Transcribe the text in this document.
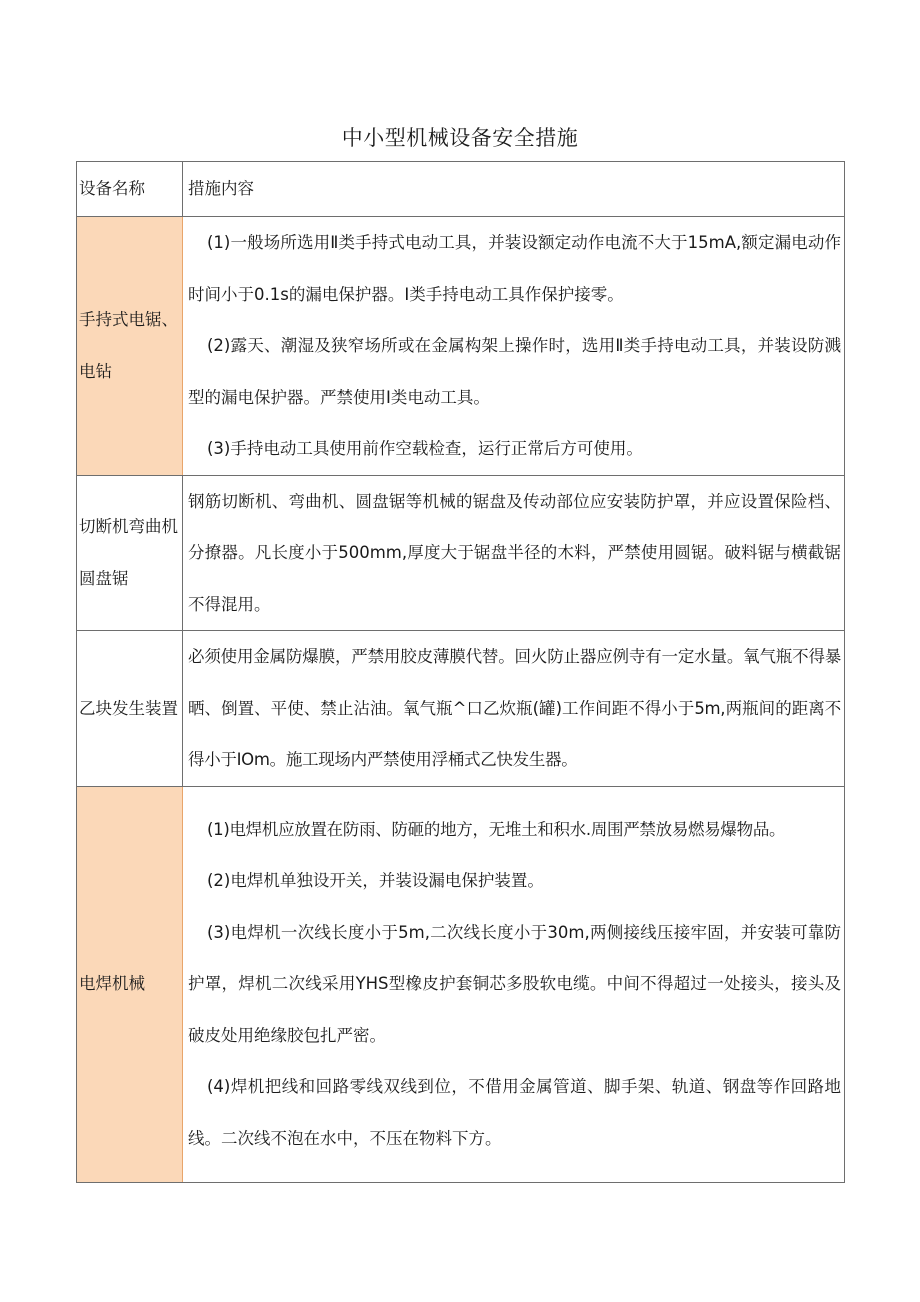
中小型机械设备安全措施
设备名称	措施内容
手持式电锯、电钻	(1)一般场所选用Ⅱ类手持式电动工具，并装设额定动作电流不大于15mA,额定漏电动作时间小于0.1s的漏电保护器。I类手持电动工具作保护接零。

(2)露天、潮湿及狭窄场所或在金属构架上操作时，选用Ⅱ类手持电动工具，并装设防溅型的漏电保护器。严禁使用I类电动工具。

(3)手持电动工具使用前作空载检查，运行正常后方可使用。

切断机弯曲机圆盘锯	钢筋切断机、弯曲机、圆盘锯等机械的锯盘及传动部位应安装防护罩，并应设置保险档、分撩器。凡长度小于500mm,厚度大于锯盘半径的木料，严禁使用圆锯。破料锯与横截锯不得混用。

乙块发生装置	必须使用金属防爆膜，严禁用胶皮薄膜代替。回火防止器应例寺有一定水量。氧气瓶不得暴晒、倒置、平使、禁止沾油。氧气瓶^口乙炊瓶(罐)工作间距不得小于5m,两瓶间的距离不得小于IOm。施工现场内严禁使用浮桶式乙快发生器。

电焊机械	(1)电焊机应放置在防雨、防砸的地方，无堆土和积水.周围严禁放易燃易爆物品。

(2)电焊机单独设开关，并装设漏电保护装置。

(3)电焊机一次线长度小于5m,二次线长度小于30m,两侧接线压接牢固，并安装可靠防护罩，焊机二次线采用YHS型橡皮护套铜芯多股软电缆。中间不得超过一处接头，接头及破皮处用绝缘胶包扎严密。

(4)焊机把线和回路零线双线到位，不借用金属管道、脚手架、轨道、钢盘等作回路地线。二次线不泡在水中，不压在物料下方。
